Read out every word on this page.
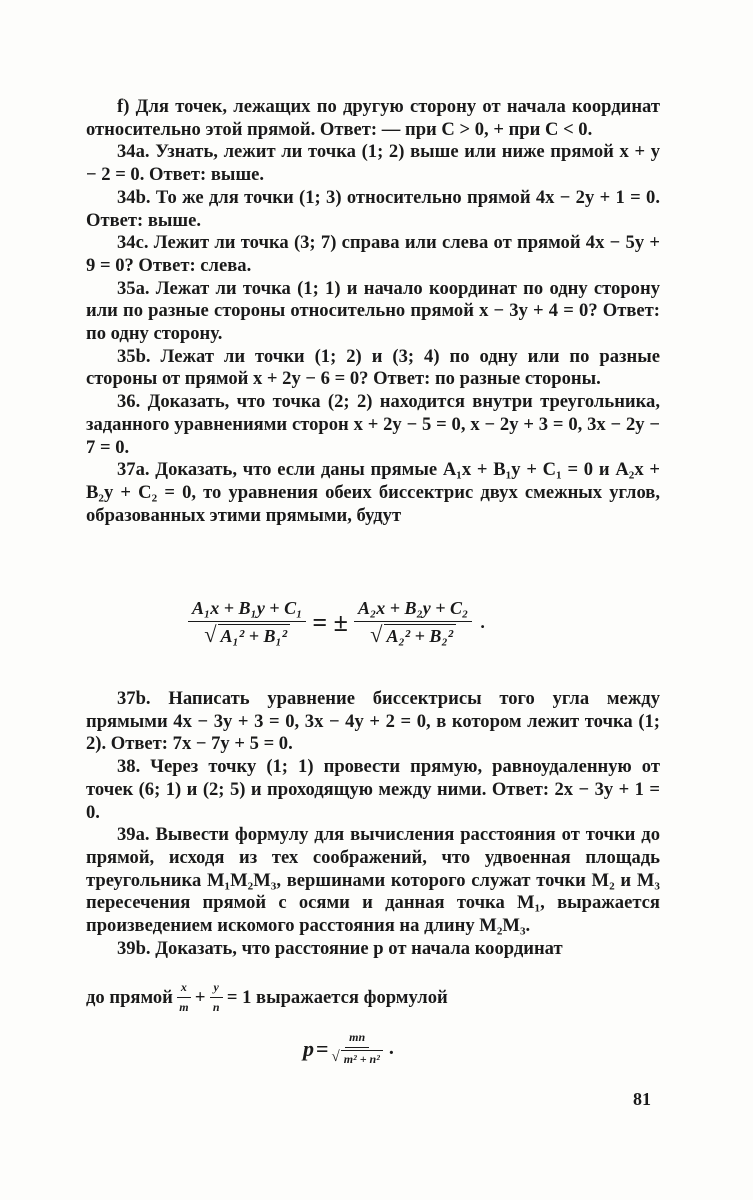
f) Для точек, лежащих по другую сторону от начала координат относительно этой прямой. Ответ: — при C > 0, + при C < 0.

34a. Узнать, лежит ли точка (1; 2) выше или ниже прямой x + y − 2 = 0. Ответ: выше.

34b. То же для точки (1; 3) относительно прямой 4x − 2y + 1 = 0. Ответ: выше.

34c. Лежит ли точка (3; 7) справа или слева от прямой 4x − 5y + 9 = 0? Ответ: слева.

35a. Лежат ли точка (1; 1) и начало координат по одну сторону или по разные стороны относительно прямой x − 3y + 4 = 0? Ответ: по одну сторону.

35b. Лежат ли точки (1; 2) и (3; 4) по одну или по разные стороны от прямой x + 2y − 6 = 0? Ответ: по разные стороны.

36. Доказать, что точка (2; 2) находится внутри треугольника, заданного уравнениями сторон x + 2y − 5 = 0, x − 2y + 3 = 0, 3x − 2y − 7 = 0.

37a. Доказать, что если даны прямые A₁x + B₁y + C₁ = 0 и A₂x + B₂y + C₂ = 0, то уравнения обеих биссектрис двух смежных углов, образованных этими прямыми, будут

$\frac{\text{A₁x + B₁y + C₁}}{\text{√ A₁² + B₁²}}$ = ± $\frac{\text{A₂x + B₂y + C₂}}{\text{√ A₂² + B₂²}}$ .

37b. Написать уравнение биссектрисы того угла между прямыми 4x − 3y + 3 = 0, 3x − 4y + 2 = 0, в котором лежит точка (1; 2). Ответ: 7x − 7y + 5 = 0.

38. Через точку (1; 1) провести прямую, равноудаленную от точек (6; 1) и (2; 5) и проходящую между ними. Ответ: 2x − 3y + 1 = 0.

39a. Вывести формулу для вычисления расстояния от точки до прямой, исходя из тех соображений, что удвоенная площадь треугольника M₁M₂M₃, вершинами которого служат точки M₂ и M₃ пересечения прямой с осями и данная точка M₁, выражается произведением искомого расстояния на длину M₂M₃.

39b. Доказать, что расстояние p от начала координат

до прямой $\frac{x}{m} + \frac{y}{n} = 1$ выражается формулой
$p = \frac{mn}{\text{√ m² + n²}}$ .
81
